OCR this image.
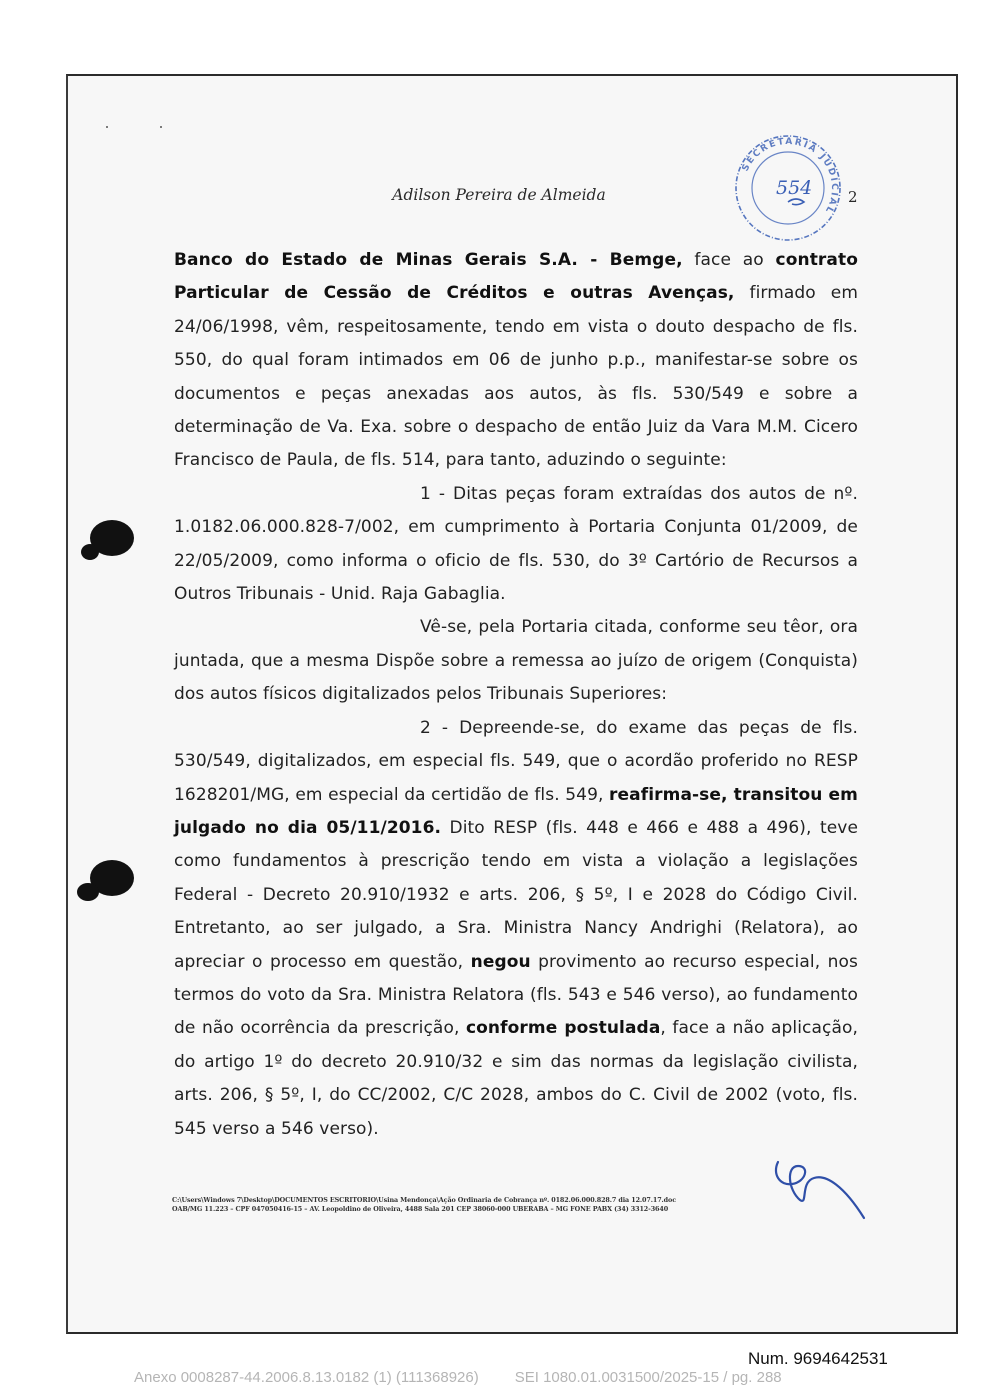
Adilson Pereira de Almeida	2
SECRETARIA JUDICIAL
554

Banco do Estado de Minas Gerais S.A. - Bemge, face ao contrato Particular de Cessão de Créditos e outras Avenças, firmado em 24/06/1998, vêm, respeitosamente, tendo em vista o douto despacho de fls. 550, do qual foram intimados em 06 de junho p.p., manifestar-se sobre os documentos e peças anexadas aos autos, às fls. 530/549 e sobre a determinação de Va. Exa. sobre o despacho de então Juiz da Vara M.M. Cicero Francisco de Paula, de fls. 514, para tanto, aduzindo o seguinte:

1 - Ditas peças foram extraídas dos autos de nº. 1.0182.06.000.828-7/002, em cumprimento à Portaria Conjunta 01/2009, de 22/05/2009, como informa o oficio de fls. 530, do 3º Cartório de Recursos a Outros Tribunais - Unid. Raja Gabaglia.

Vê-se, pela Portaria citada, conforme seu têor, ora juntada, que a mesma Dispõe sobre a remessa ao juízo de origem (Conquista) dos autos físicos digitalizados pelos Tribunais Superiores:

2 - Depreende-se, do exame das peças de fls. 530/549, digitalizados, em especial fls. 549, que o acordão proferido no RESP 1628201/MG, em especial da certidão de fls. 549, reafirma-se, transitou em julgado no dia 05/11/2016. Dito RESP (fls. 448 e 466 e 488 a 496), teve como fundamentos à prescrição tendo em vista a violação a legislações Federal - Decreto 20.910/1932 e arts. 206, § 5º, I e 2028 do Código Civil. Entretanto, ao ser julgado, a Sra. Ministra Nancy Andrighi (Relatora), ao apreciar o processo em questão, negou provimento ao recurso especial, nos termos do voto da Sra. Ministra Relatora (fls. 543 e 546 verso), ao fundamento de não ocorrência da prescrição, conforme postulada, face a não aplicação, do artigo 1º do decreto 20.910/32 e sim das normas da legislação civilista, arts. 206, § 5º, I, do CC/2002, C/C 2028, ambos do C. Civil de 2002 (voto, fls. 545 verso a 546 verso).

C:\Users\Windows 7\Desktop\DOCUMENTOS ESCRITORIO\Usina Mendonça\Ação Ordinaria de Cobrança nº. 0182.06.000.828.7 dia 12.07.17.doc
OAB/MG 11.223 – CPF 047050416-15 – AV. Leopoldino de Oliveira, 4488 Sala 201 CEP 38060-000 UBERABA – MG FONE PABX (34) 3312-3640
Num. 9694642531
Anexo 0008287-44.2006.8.13.0182 (1) (111368926) SEI 1080.01.0031500/2025-15 / pg. 288
